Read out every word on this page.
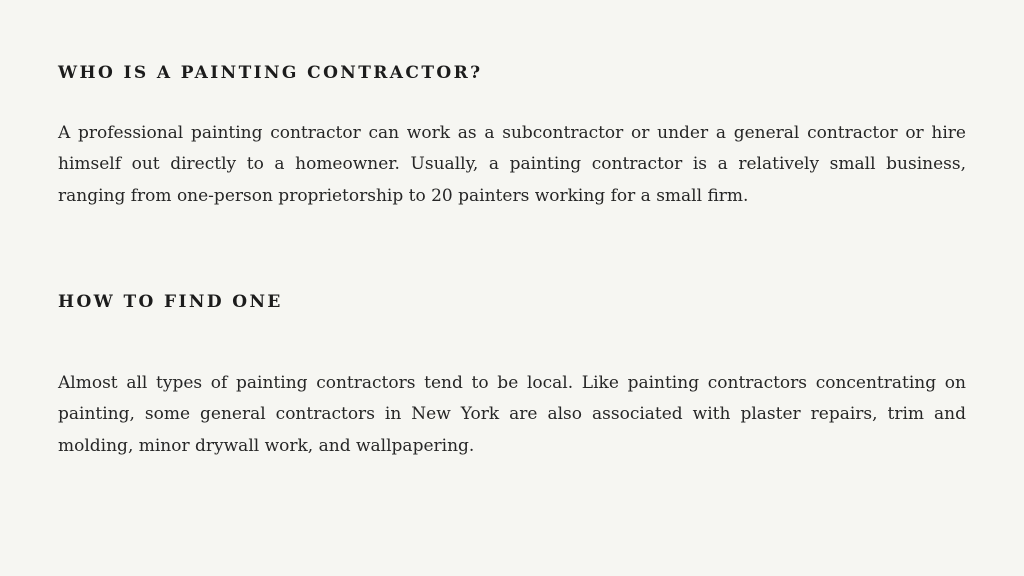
WHO IS A PAINTING CONTRACTOR?

A professional painting contractor can work as a subcontractor or under a general contractor or hire himself out directly to a homeowner. Usually, a painting contractor is a relatively small business, ranging from one-person proprietorship to 20 painters working for a small firm.

HOW TO FIND ONE

Almost all types of painting contractors tend to be local. Like painting contractors concentrating on painting, some general contractors in New York are also associated with plaster repairs, trim and molding, minor drywall work, and wallpapering.
